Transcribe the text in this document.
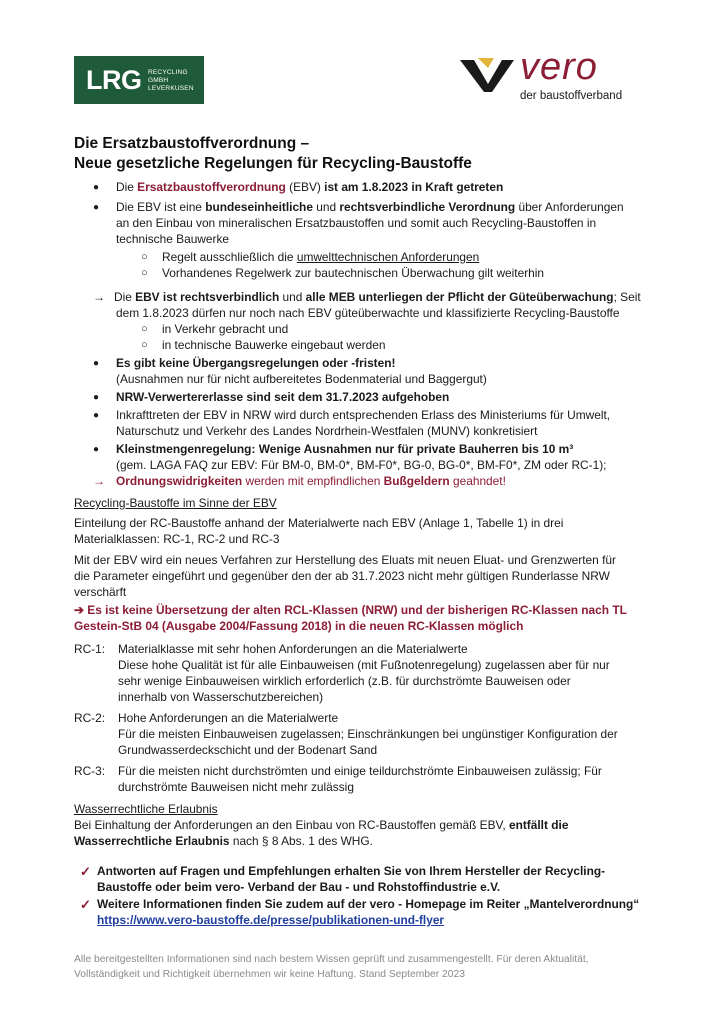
LRG RECYCLING
GMBH
LEVERKUSEN
vero
der baustoffverband
Die Ersatzbaustoffverordnung –
Neue gesetzliche Regelungen für Recycling-Baustoffe
● Die Ersatzbaustoffverordnung (EBV) ist am 1.8.2023 in Kraft getreten
● Die EBV ist eine bundeseinheitliche und rechtsverbindliche Verordnung über Anforderungen
an den Einbau von mineralischen Ersatzbaustoffen und somit auch Recycling-Baustoffen in
technische Bauwerke
○ Regelt ausschließlich die umwelttechnischen Anforderungen
○ Vorhandenes Regelwerk zur bautechnischen Überwachung gilt weiterhin
→ Die EBV ist rechtsverbindlich und alle MEB unterliegen der Pflicht der Güteüberwachung; Seit
dem 1.8.2023 dürfen nur noch nach EBV güteüberwachte und klassifizierte Recycling-Baustoffe
○ in Verkehr gebracht und
○ in technische Bauwerke eingebaut werden
● Es gibt keine Übergangsregelungen oder -fristen!
(Ausnahmen nur für nicht aufbereitetes Bodenmaterial und Baggergut)
● NRW-Verwertererlasse sind seit dem 31.7.2023 aufgehoben
● Inkrafttreten der EBV in NRW wird durch entsprechenden Erlass des Ministeriums für Umwelt,
Naturschutz und Verkehr des Landes Nordrhein-Westfalen (MUNV) konkretisiert
● Kleinstmengenregelung: Wenige Ausnahmen nur für private Bauherren bis 10 m³
(gem. LAGA FAQ zur EBV: Für BM-0, BM-0*, BM-F0*, BG-0, BG-0*, BM-F0*, ZM oder RC-1);
→ Ordnungswidrigkeiten werden mit empfindlichen Bußgeldern geahndet!
Recycling-Baustoffe im Sinne der EBV
Einteilung der RC-Baustoffe anhand der Materialwerte nach EBV (Anlage 1, Tabelle 1) in drei
Materialklassen: RC-1, RC-2 und RC-3
Mit der EBV wird ein neues Verfahren zur Herstellung des Eluats mit neuen Eluat- und Grenzwerten für
die Parameter eingeführt und gegenüber den der ab 31.7.2023 nicht mehr gültigen Runderlasse NRW
verschärft
➔ Es ist keine Übersetzung der alten RCL-Klassen (NRW) und der bisherigen RC-Klassen nach TL
Gestein-StB 04 (Ausgabe 2004/Fassung 2018) in die neuen RC-Klassen möglich
RC-1: Materialklasse mit sehr hohen Anforderungen an die Materialwerte
Diese hohe Qualität ist für alle Einbauweisen (mit Fußnotenregelung) zugelassen aber für nur
sehr wenige Einbauweisen wirklich erforderlich (z.B. für durchströmte Bauweisen oder
innerhalb von Wasserschutzbereichen)
RC-2: Hohe Anforderungen an die Materialwerte
Für die meisten Einbauweisen zugelassen; Einschränkungen bei ungünstiger Konfiguration der
Grundwasserdeckschicht und der Bodenart Sand
RC-3: Für die meisten nicht durchströmten und einige teildurchströmte Einbauweisen zulässig; Für
durchströmte Bauweisen nicht mehr zulässig
Wasserrechtliche Erlaubnis
Bei Einhaltung der Anforderungen an den Einbau von RC-Baustoffen gemäß EBV, entfällt die
Wasserrechtliche Erlaubnis nach § 8 Abs. 1 des WHG.
✓ Antworten auf Fragen und Empfehlungen erhalten Sie von Ihrem Hersteller der Recycling-
Baustoffe oder beim vero- Verband der Bau - und Rohstoffindustrie e.V.
✓ Weitere Informationen finden Sie zudem auf der vero - Homepage im Reiter „Mantelverordnung“
https://www.vero-baustoffe.de/presse/publikationen-und-flyer
Alle bereitgestellten Informationen sind nach bestem Wissen geprüft und zusammengestellt. Für deren Aktualität,
Vollständigkeit und Richtigkeit übernehmen wir keine Haftung. Stand September 2023
